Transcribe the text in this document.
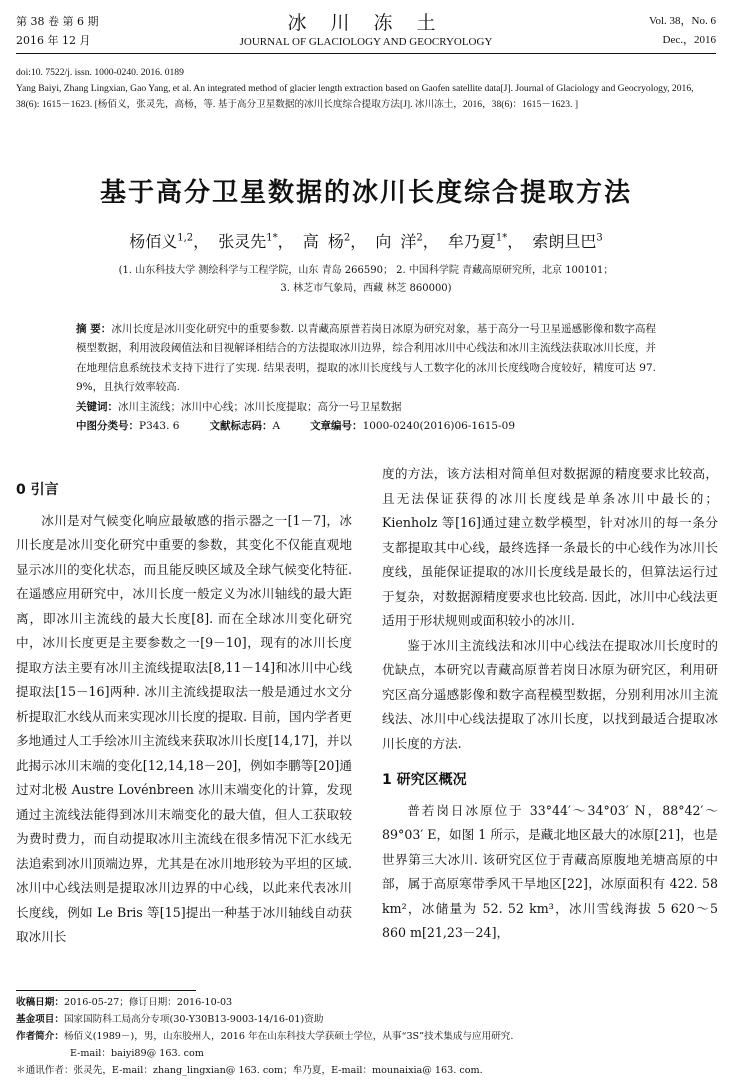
第 38 卷 第 6 期
2016 年 12 月
冰 川 冻 土
JOURNAL OF GLACIOLOGY AND GEOCRYOLOGY
Vol. 38，No. 6
Dec.，2016
doi:10. 7522/j. issn. 1000-0240. 2016. 0189
Yang Baiyi, Zhang Lingxian, Gao Yang, et al. An integrated method of glacier length extraction based on Gaofen satellite data[J]. Journal of Glaciology and Geocryology, 2016, 38(6): 1615－1623. [杨佰义，张灵先，高杨，等. 基于高分卫星数据的冰川长度综合提取方法[J]. 冰川冻土，2016，38(6)：1615－1623. ]
基于高分卫星数据的冰川长度综合提取方法
杨佰义$^{1,2}$， 张灵先$^{1*}$， 高 杨$^2$， 向 洋$^2$， 牟乃夏$^{1*}$， 索朗旦巴$^3$
(1. 山东科技大学 测绘科学与工程学院，山东 青岛 266590； 2. 中国科学院 青藏高原研究所，北京 100101；
3. 林芝市气象局，西藏 林芝 860000)
摘 要：冰川长度是冰川变化研究中的重要参数. 以青藏高原普若岗日冰原为研究对象，基于高分一号卫星遥感影像和数字高程模型数据，利用波段阈值法和目视解译相结合的方法提取冰川边界，综合利用冰川中心线法和冰川主流线法获取冰川长度，并在地理信息系统技术支持下进行了实现. 结果表明，提取的冰川长度线与人工数字化的冰川长度线吻合度较好，精度可达 97. 9%，且执行效率较高.
关键词：冰川主流线；冰川中心线；冰川长度提取；高分一号卫星数据
中图分类号：P343. 6	文献标志码：A	文章编号：1000-0240(2016)06-1615-09
0 引言

冰川是对气候变化响应最敏感的指示器之一[1－7]，冰川长度是冰川变化研究中重要的参数，其变化不仅能直观地显示冰川的变化状态，而且能反映区域及全球气候变化特征. 在遥感应用研究中，冰川长度一般定义为冰川轴线的最大距离，即冰川主流线的最大长度[8]. 而在全球冰川变化研究中，冰川长度更是主要参数之一[9－10]，现有的冰川长度提取方法主要有冰川主流线提取法[8,11－14]和冰川中心线提取法[15－16]两种. 冰川主流线提取法一般是通过水文分析提取汇水线从而来实现冰川长度的提取. 目前，国内学者更多地通过人工手绘冰川主流线来获取冰川长度[14,17]，并以此揭示冰川末端的变化[12,14,18－20]，例如李鹏等[20]通过对北极 Austre Lovénbreen 冰川末端变化的计算，发现通过主流线法能得到冰川末端变化的最大值，但人工获取较为费时费力，而自动提取冰川主流线在很多情况下汇水线无法追索到冰川顶端边界，尤其是在冰川地形较为平坦的区域. 冰川中心线法则是提取冰川边界的中心线，以此来代表冰川长度线，例如 Le Bris 等[15]提出一种基于冰川轴线自动获取冰川长

度的方法，该方法相对简单但对数据源的精度要求比较高，且无法保证获得的冰川长度线是单条冰川中最长的；Kienholz 等[16]通过建立数学模型，针对冰川的每一条分支都提取其中心线，最终选择一条最长的中心线作为冰川长度线，虽能保证提取的冰川长度线是最长的，但算法运行过于复杂，对数据源精度要求也比较高. 因此，冰川中心线法更适用于形状规则或面积较小的冰川.

鉴于冰川主流线法和冰川中心线法在提取冰川长度时的优缺点，本研究以青藏高原普若岗日冰原为研究区，利用研究区高分遥感影像和数字高程模型数据，分别利用冰川主流线法、冰川中心线法提取了冰川长度，以找到最适合提取冰川长度的方法.

1 研究区概况

普若岗日冰原位于 33°44′～34°03′ N，88°42′～89°03′ E，如图 1 所示，是藏北地区最大的冰原[21]，也是世界第三大冰川. 该研究区位于青藏高原腹地羌塘高原的中部，属于高原寒带季风干旱地区[22]，冰原面积有 422. 58 km²，冰储量为 52. 52 km³，冰川雪线海拔 5 620～5 860 m[21,23－24]，

收稿日期：2016-05-27；修订日期：2016-10-03
基金项目：国家国防科工局高分专项(30-Y30B13-9003-14/16-01)资助
作者简介：杨佰义(1989－)，男，山东胶州人，2016 年在山东科技大学获硕士学位，从事“3S”技术集成与应用研究.
E-mail：baiyi89@ 163. com
＊通讯作者：张灵先，E-mail：zhang_lingxian@ 163. com；牟乃夏，E-mail：mounaixia@ 163. com.
